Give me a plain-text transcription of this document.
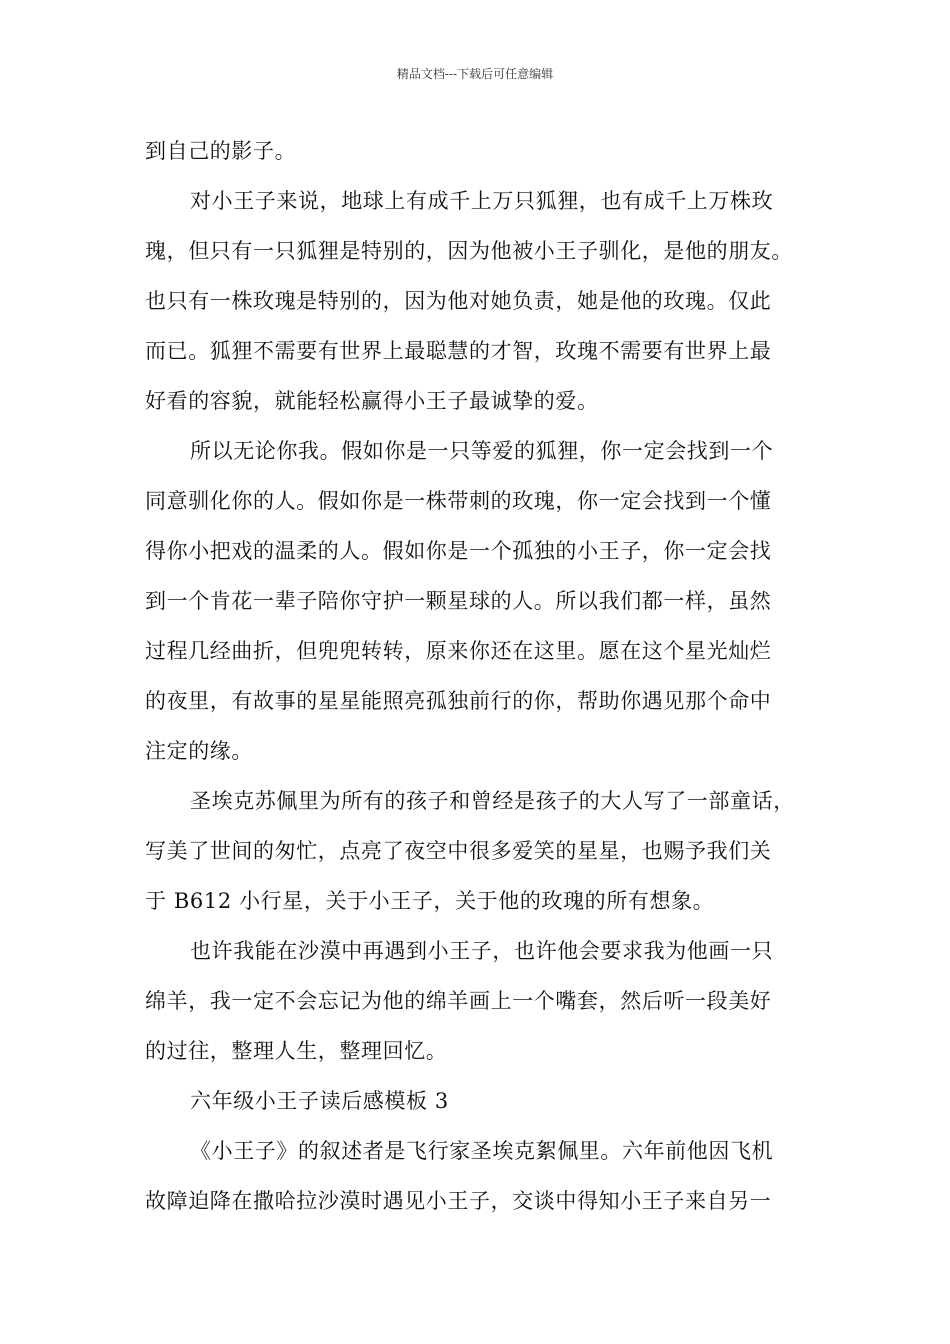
精品文档---下载后可任意编辑
到自己的影子。
对小王子来说，地球上有成千上万只狐狸，也有成千上万株玫
瑰，但只有一只狐狸是特别的，因为他被小王子驯化，是他的朋友。
也只有一株玫瑰是特别的，因为他对她负责，她是他的玫瑰。仅此
而已。狐狸不需要有世界上最聪慧的才智，玫瑰不需要有世界上最
好看的容貌，就能轻松赢得小王子最诚挚的爱。
所以无论你我。假如你是一只等爱的狐狸，你一定会找到一个
同意驯化你的人。假如你是一株带刺的玫瑰，你一定会找到一个懂
得你小把戏的温柔的人。假如你是一个孤独的小王子，你一定会找
到一个肯花一辈子陪你守护一颗星球的人。所以我们都一样，虽然
过程几经曲折，但兜兜转转，原来你还在这里。愿在这个星光灿烂
的夜里，有故事的星星能照亮孤独前行的你，帮助你遇见那个命中
注定的缘。
圣埃克苏佩里为所有的孩子和曾经是孩子的大人写了一部童话，
写美了世间的匆忙，点亮了夜空中很多爱笑的星星，也赐予我们关
于 B612 小行星，关于小王子，关于他的玫瑰的所有想象。
也许我能在沙漠中再遇到小王子，也许他会要求我为他画一只
绵羊，我一定不会忘记为他的绵羊画上一个嘴套，然后听一段美好
的过往，整理人生，整理回忆。
六年级小王子读后感模板 3
《小王子》的叙述者是飞行家圣埃克絮佩里。六年前他因飞机
故障迫降在撒哈拉沙漠时遇见小王子，交谈中得知小王子来自另一
